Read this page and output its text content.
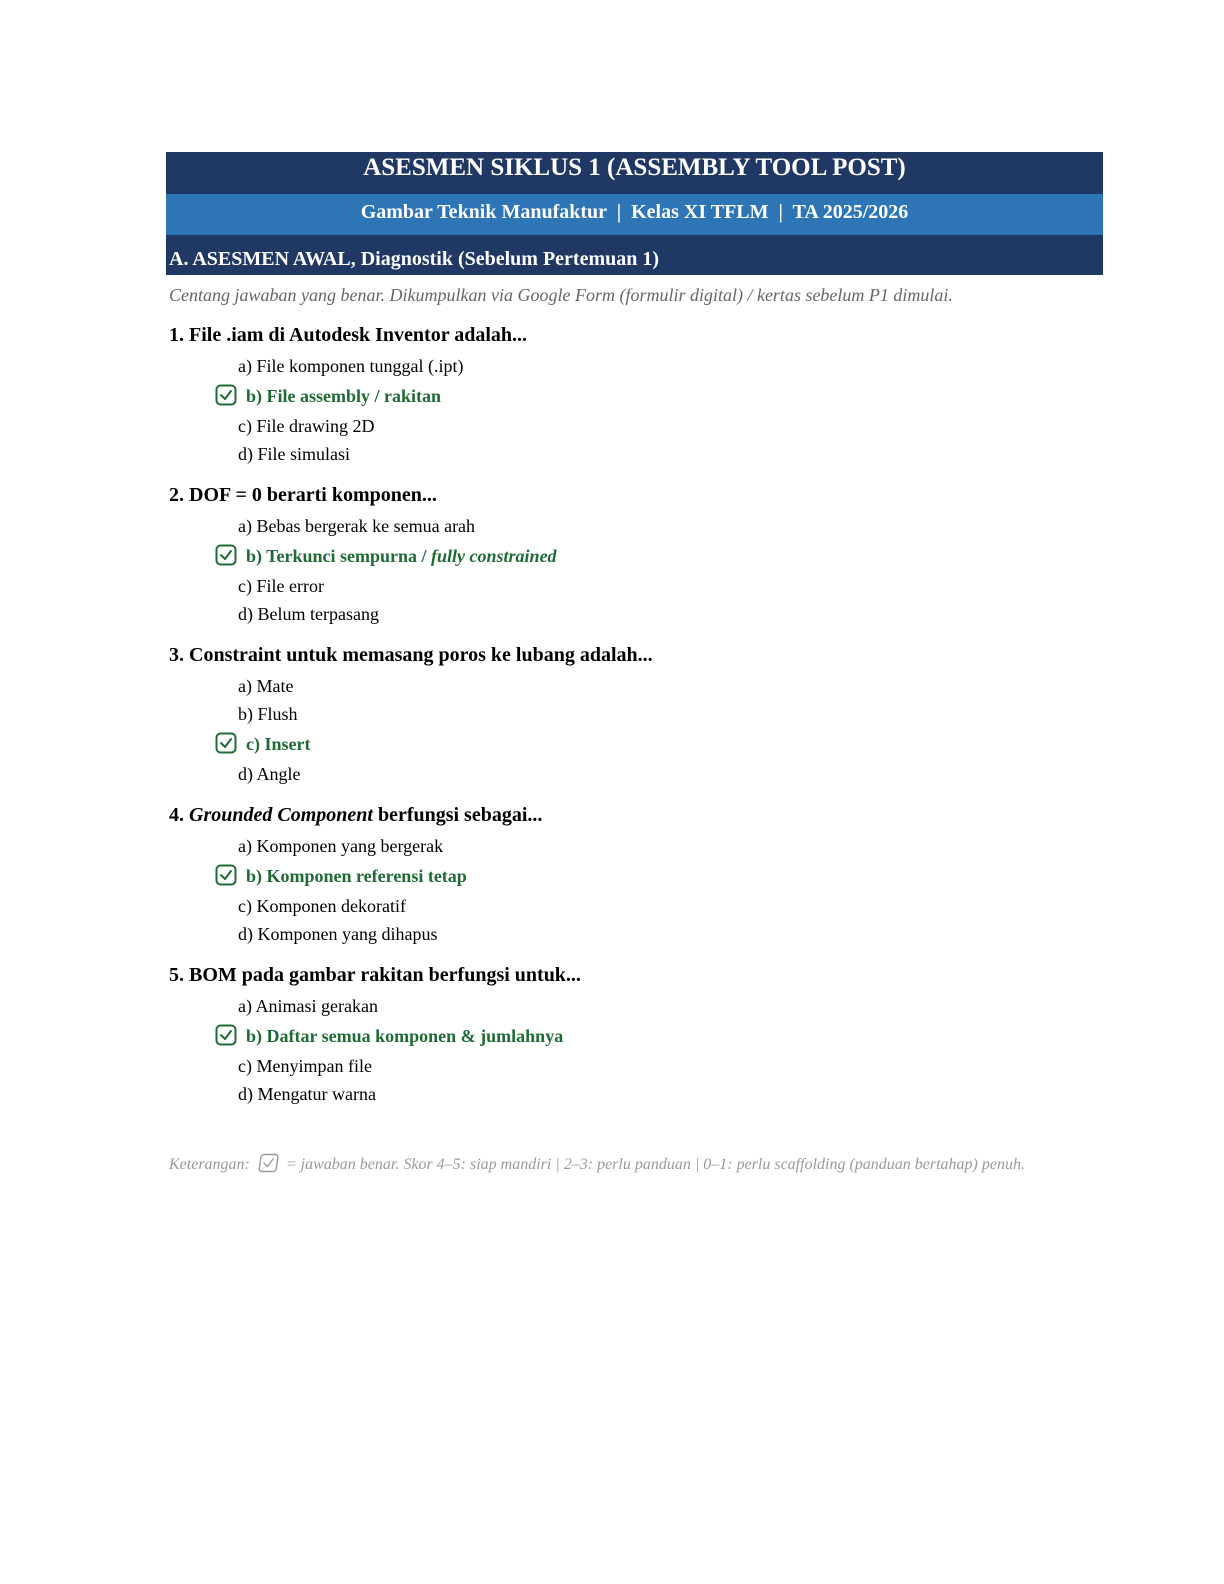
ASESMEN SIKLUS 1 (ASSEMBLY TOOL POST)
Gambar Teknik Manufaktur  |  Kelas XI TFLM  |  TA 2025/2026
A. ASESMEN AWAL, Diagnostik (Sebelum Pertemuan 1)
Centang jawaban yang benar. Dikumpulkan via Google Form (formulir digital) / kertas sebelum P1 dimulai.
1. File .iam di Autodesk Inventor adalah...
a) File komponen tunggal (.ipt)
b) File assembly / rakitan
c) File drawing 2D
d) File simulasi
2. DOF = 0 berarti komponen...
a) Bebas bergerak ke semua arah
b) Terkunci sempurna / fully constrained
c) File error
d) Belum terpasang
3. Constraint untuk memasang poros ke lubang adalah...
a) Mate
b) Flush
c) Insert
d) Angle
4. Grounded Component berfungsi sebagai...
a) Komponen yang bergerak
b) Komponen referensi tetap
c) Komponen dekoratif
d) Komponen yang dihapus
5. BOM pada gambar rakitan berfungsi untuk...
a) Animasi gerakan
b) Daftar semua komponen & jumlahnya
c) Menyimpan file
d) Mengatur warna
Keterangan:  = jawaban benar. Skor 4–5: siap mandiri | 2–3: perlu panduan | 0–1: perlu scaffolding (panduan bertahap) penuh.
